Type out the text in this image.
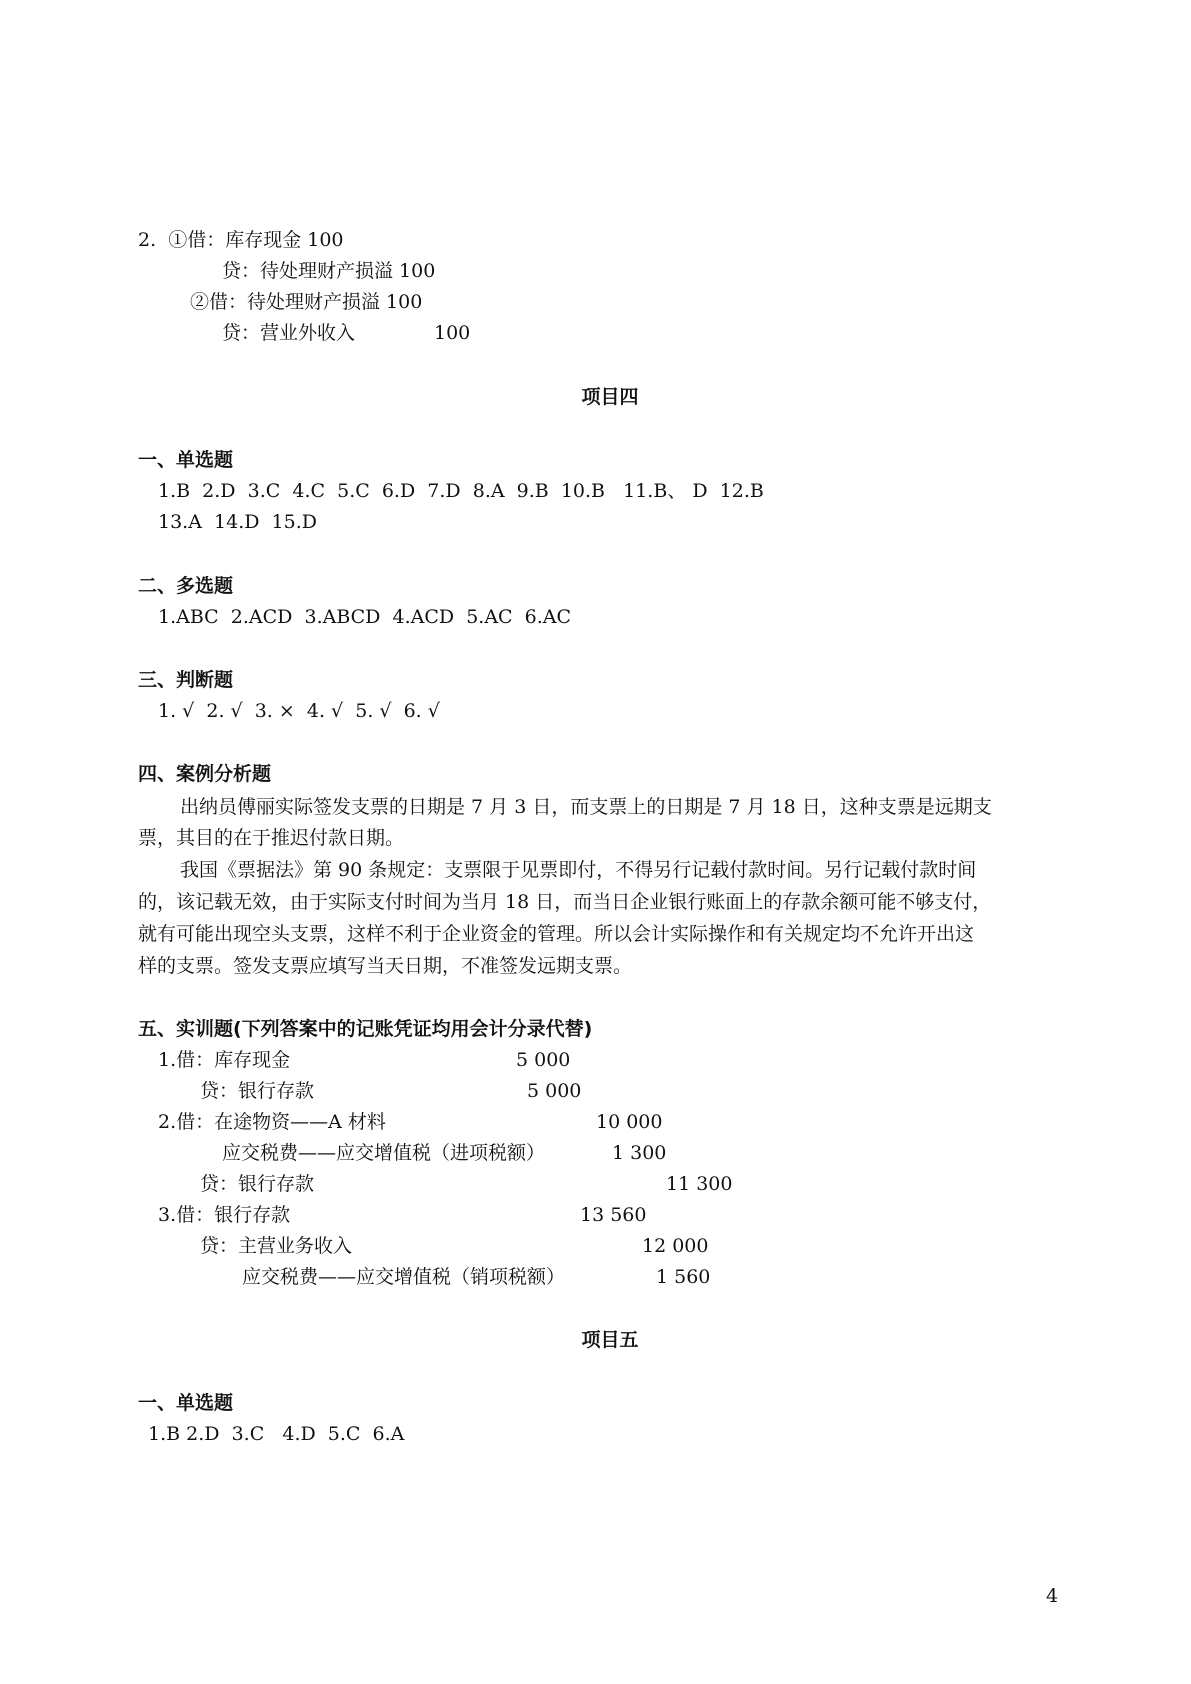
2.  ①借：库存现金 100
贷：待处理财产损溢 100
②借：待处理财产损溢 100
贷：营业外收入	100
项目四
一、单选题
1.B  2.D  3.C  4.C  5.C  6.D  7.D  8.A  9.B  10.B   11.B、 D  12.B
13.A  14.D  15.D
二、多选题
1.ABC  2.ACD  3.ABCD  4.ACD  5.AC  6.AC
三、判断题
1. √  2. √  3. ×  4. √  5. √  6. √
四、案例分析题
出纳员傅丽实际签发支票的日期是 7 月 3 日，而支票上的日期是 7 月 18 日，这种支票是远期支
票，其目的在于推迟付款日期。
我国《票据法》第 90 条规定：支票限于见票即付，不得另行记载付款时间。另行记载付款时间
的，该记载无效，由于实际支付时间为当月 18 日，而当日企业银行账面上的存款余额可能不够支付，
就有可能出现空头支票，这样不利于企业资金的管理。所以会计实际操作和有关规定均不允许开出这
样的支票。签发支票应填写当天日期，不准签发远期支票。
五、实训题(下列答案中的记账凭证均用会计分录代替)
1.借：库存现金	5 000
贷：银行存款	5 000
2.借：在途物资——A 材料	10 000
应交税费——应交增值税（进项税额）	1 300
贷：银行存款	11 300
3.借：银行存款	13 560
贷：主营业务收入	12 000
应交税费——应交增值税（销项税额）	1 560
项目五
一、单选题
1.B 2.D  3.C   4.D  5.C  6.A
4
